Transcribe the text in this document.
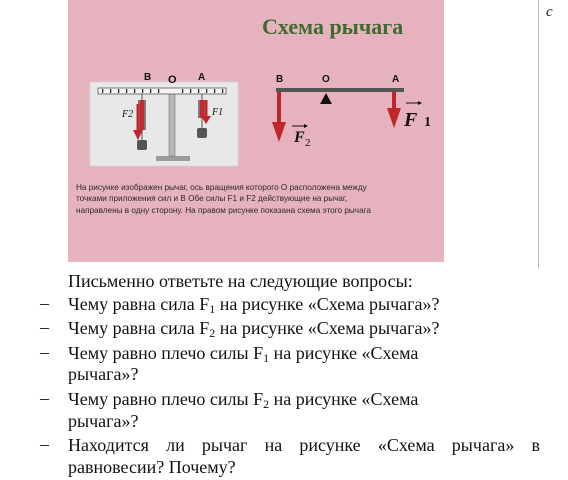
с
B O A
F2	F1
B	O	A
F 2
F 1
Схема рычага
На рисунке изображен рычаг, ось вращения которого О расположена между
точками приложения сил и В Обе силы F1 и F2 действующие на рычаг,
направлены в одну сторону. На правом рисунке показана схема этого рычага
Письменно ответьте на следующие вопросы:
– Чему равна сила $F_1$ на рисунке «Схема рычага»?
– Чему равна сила $F_2$ на рисунке «Схема рычага»?
– Чему равно плечо силы $F_1$ на рисунке «Схема
рычага»?
– Чему равно плечо силы $F_2$ на рисунке «Схема
рычага»?
– Находится ли рычаг на рисунке «Схема рычага» в
равновесии? Почему?
